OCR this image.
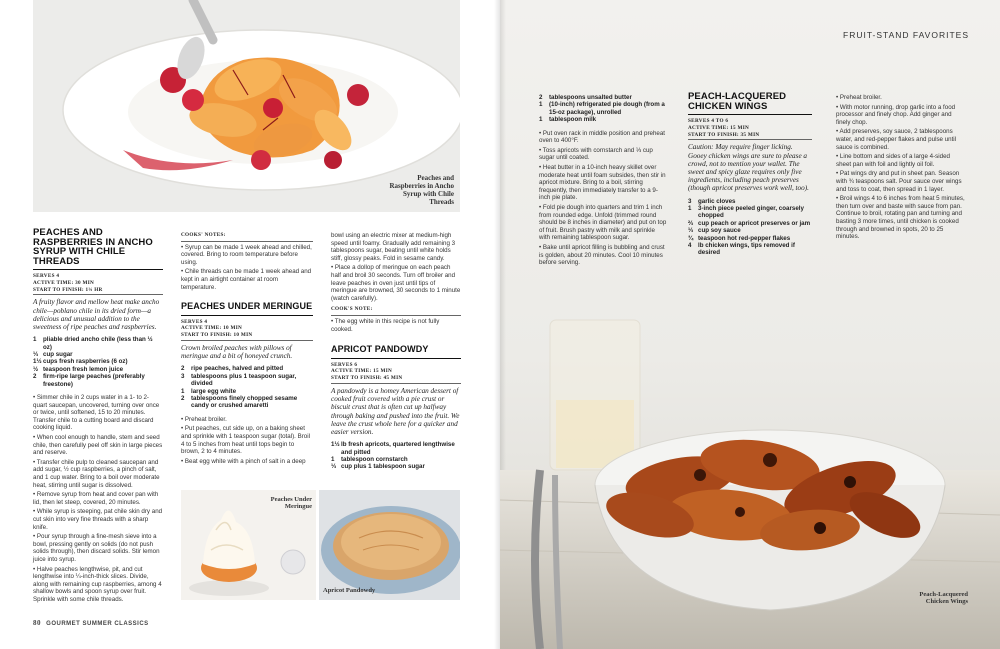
Peaches and Raspberries in Ancho Syrup with Chile Threads
PEACHES AND RASPBERRIES IN ANCHO SYRUP WITH CHILE THREADS
SERVES 4
ACTIVE TIME: 30 MIN
START TO FINISH: 1¼ HR
A fruity flavor and mellow heat make ancho chile—poblano chile in its dried form—a delicious and unusual addition to the sweetness of ripe peaches and raspberries.
1	pliable dried ancho chile (less than ½ oz)
⅓ cup sugar
1½ cups fresh raspberries (6 oz)
½ teaspoon fresh lemon juice
2	firm-ripe large peaches (preferably freestone)

• Simmer chile in 2 cups water in a 1- to 2-quart saucepan, uncovered, turning over once or twice, until softened, 15 to 20 minutes. Transfer chile to a cutting board and discard cooking liquid.

• When cool enough to handle, stem and seed chile, then carefully peel off skin in large pieces and reserve.

• Transfer chile pulp to cleaned saucepan and add sugar, ½ cup raspberries, a pinch of salt, and 1 cup water. Bring to a boil over moderate heat, stirring until sugar is dissolved.

• Remove syrup from heat and cover pan with lid, then let steep, covered, 20 minutes.

• While syrup is steeping, pat chile skin dry and cut skin into very fine threads with a sharp knife.

• Pour syrup through a fine-mesh sieve into a bowl, pressing gently on solids (do not push solids through), then discard solids. Stir lemon juice into syrup.

• Halve peaches lengthwise, pit, and cut lengthwise into ¼-inch-thick slices. Divide, along with remaining cup raspberries, among 4 shallow bowls and spoon syrup over fruit. Sprinkle with some chile threads.

COOKS' NOTES:

• Syrup can be made 1 week ahead and chilled, covered. Bring to room temperature before using.

• Chile threads can be made 1 week ahead and kept in an airtight container at room temperature.

PEACHES UNDER MERINGUE
SERVES 4
ACTIVE TIME: 10 MIN
START TO FINISH: 10 MIN
Crown broiled peaches with pillows of meringue and a bit of honeyed crunch.
2	ripe peaches, halved and pitted
3	tablespoons plus 1 teaspoon sugar, divided
1	large egg white
2	tablespoons finely chopped sesame candy or crushed amaretti

• Preheat broiler.

• Put peaches, cut side up, on a baking sheet and sprinkle with 1 teaspoon sugar (total). Broil 4 to 5 inches from heat until tops begin to brown, 2 to 4 minutes.

• Beat egg white with a pinch of salt in a deep

bowl using an electric mixer at medium-high speed until foamy. Gradually add remaining 3 tablespoons sugar, beating until white holds stiff, glossy peaks. Fold in sesame candy.

• Place a dollop of meringue on each peach half and broil 30 seconds. Turn off broiler and leave peaches in oven just until tips of meringue are browned, 30 seconds to 1 minute (watch carefully).

COOK'S NOTE:

• The egg white in this recipe is not fully cooked.

APRICOT PANDOWDY
SERVES 6
ACTIVE TIME: 15 MIN
START TO FINISH: 45 MIN
A pandowdy is a homey American dessert of cooked fruit covered with a pie crust or biscuit crust that is often cut up halfway through baking and pushed into the fruit. We leave the crust whole here for a quicker and easier version.
1½ lb fresh apricots, quartered lengthwise and pitted
1	tablespoon cornstarch
⅓ cup plus 1 tablespoon sugar
Peaches Under Meringue
Apricot Pandowdy
80 GOURMET SUMMER CLASSICS
FRUIT-STAND FAVORITES
2	tablespoons unsalted butter
1	(10-inch) refrigerated pie dough (from a 15-oz package), unrolled
1	tablespoon milk

• Put oven rack in middle position and preheat oven to 400°F.

• Toss apricots with cornstarch and ⅓ cup sugar until coated.

• Heat butter in a 10-inch heavy skillet over moderate heat until foam subsides, then stir in apricot mixture. Bring to a boil, stirring frequently, then immediately transfer to a 9-inch pie plate.

• Fold pie dough into quarters and trim 1 inch from rounded edge. Unfold (trimmed round should be 8 inches in diameter) and put on top of fruit. Brush pastry with milk and sprinkle with remaining tablespoon sugar.

• Bake until apricot filling is bubbling and crust is golden, about 20 minutes. Cool 10 minutes before serving.

PEACH-LACQUERED CHICKEN WINGS
SERVES 4 TO 6
ACTIVE TIME: 15 MIN
START TO FINISH: 35 MIN
Caution: May require finger licking. Gooey chicken wings are sure to please a crowd, not to mention your wallet. The sweet and spicy glaze requires only five ingredients, including peach preserves (though apricot preserves work well, too).
3	garlic cloves
1	3-inch piece peeled ginger, coarsely chopped
⅔ cup peach or apricot preserves or jam
⅓ cup soy sauce
¾ teaspoon hot red-pepper flakes
4	lb chicken wings, tips removed if desired

• Preheat broiler.

• With motor running, drop garlic into a food processor and finely chop. Add ginger and finely chop.

• Add preserves, soy sauce, 2 tablespoons water, and red-pepper flakes and pulse until sauce is combined.

• Line bottom and sides of a large 4-sided sheet pan with foil and lightly oil foil.

• Pat wings dry and put in sheet pan. Season with ¾ teaspoons salt. Pour sauce over wings and toss to coat, then spread in 1 layer.

• Broil wings 4 to 6 inches from heat 5 minutes, then turn over and baste with sauce from pan. Continue to broil, rotating pan and turning and basting 3 more times, until chicken is cooked through and browned in spots, 20 to 25 minutes.

Peach-Lacquered Chicken Wings
